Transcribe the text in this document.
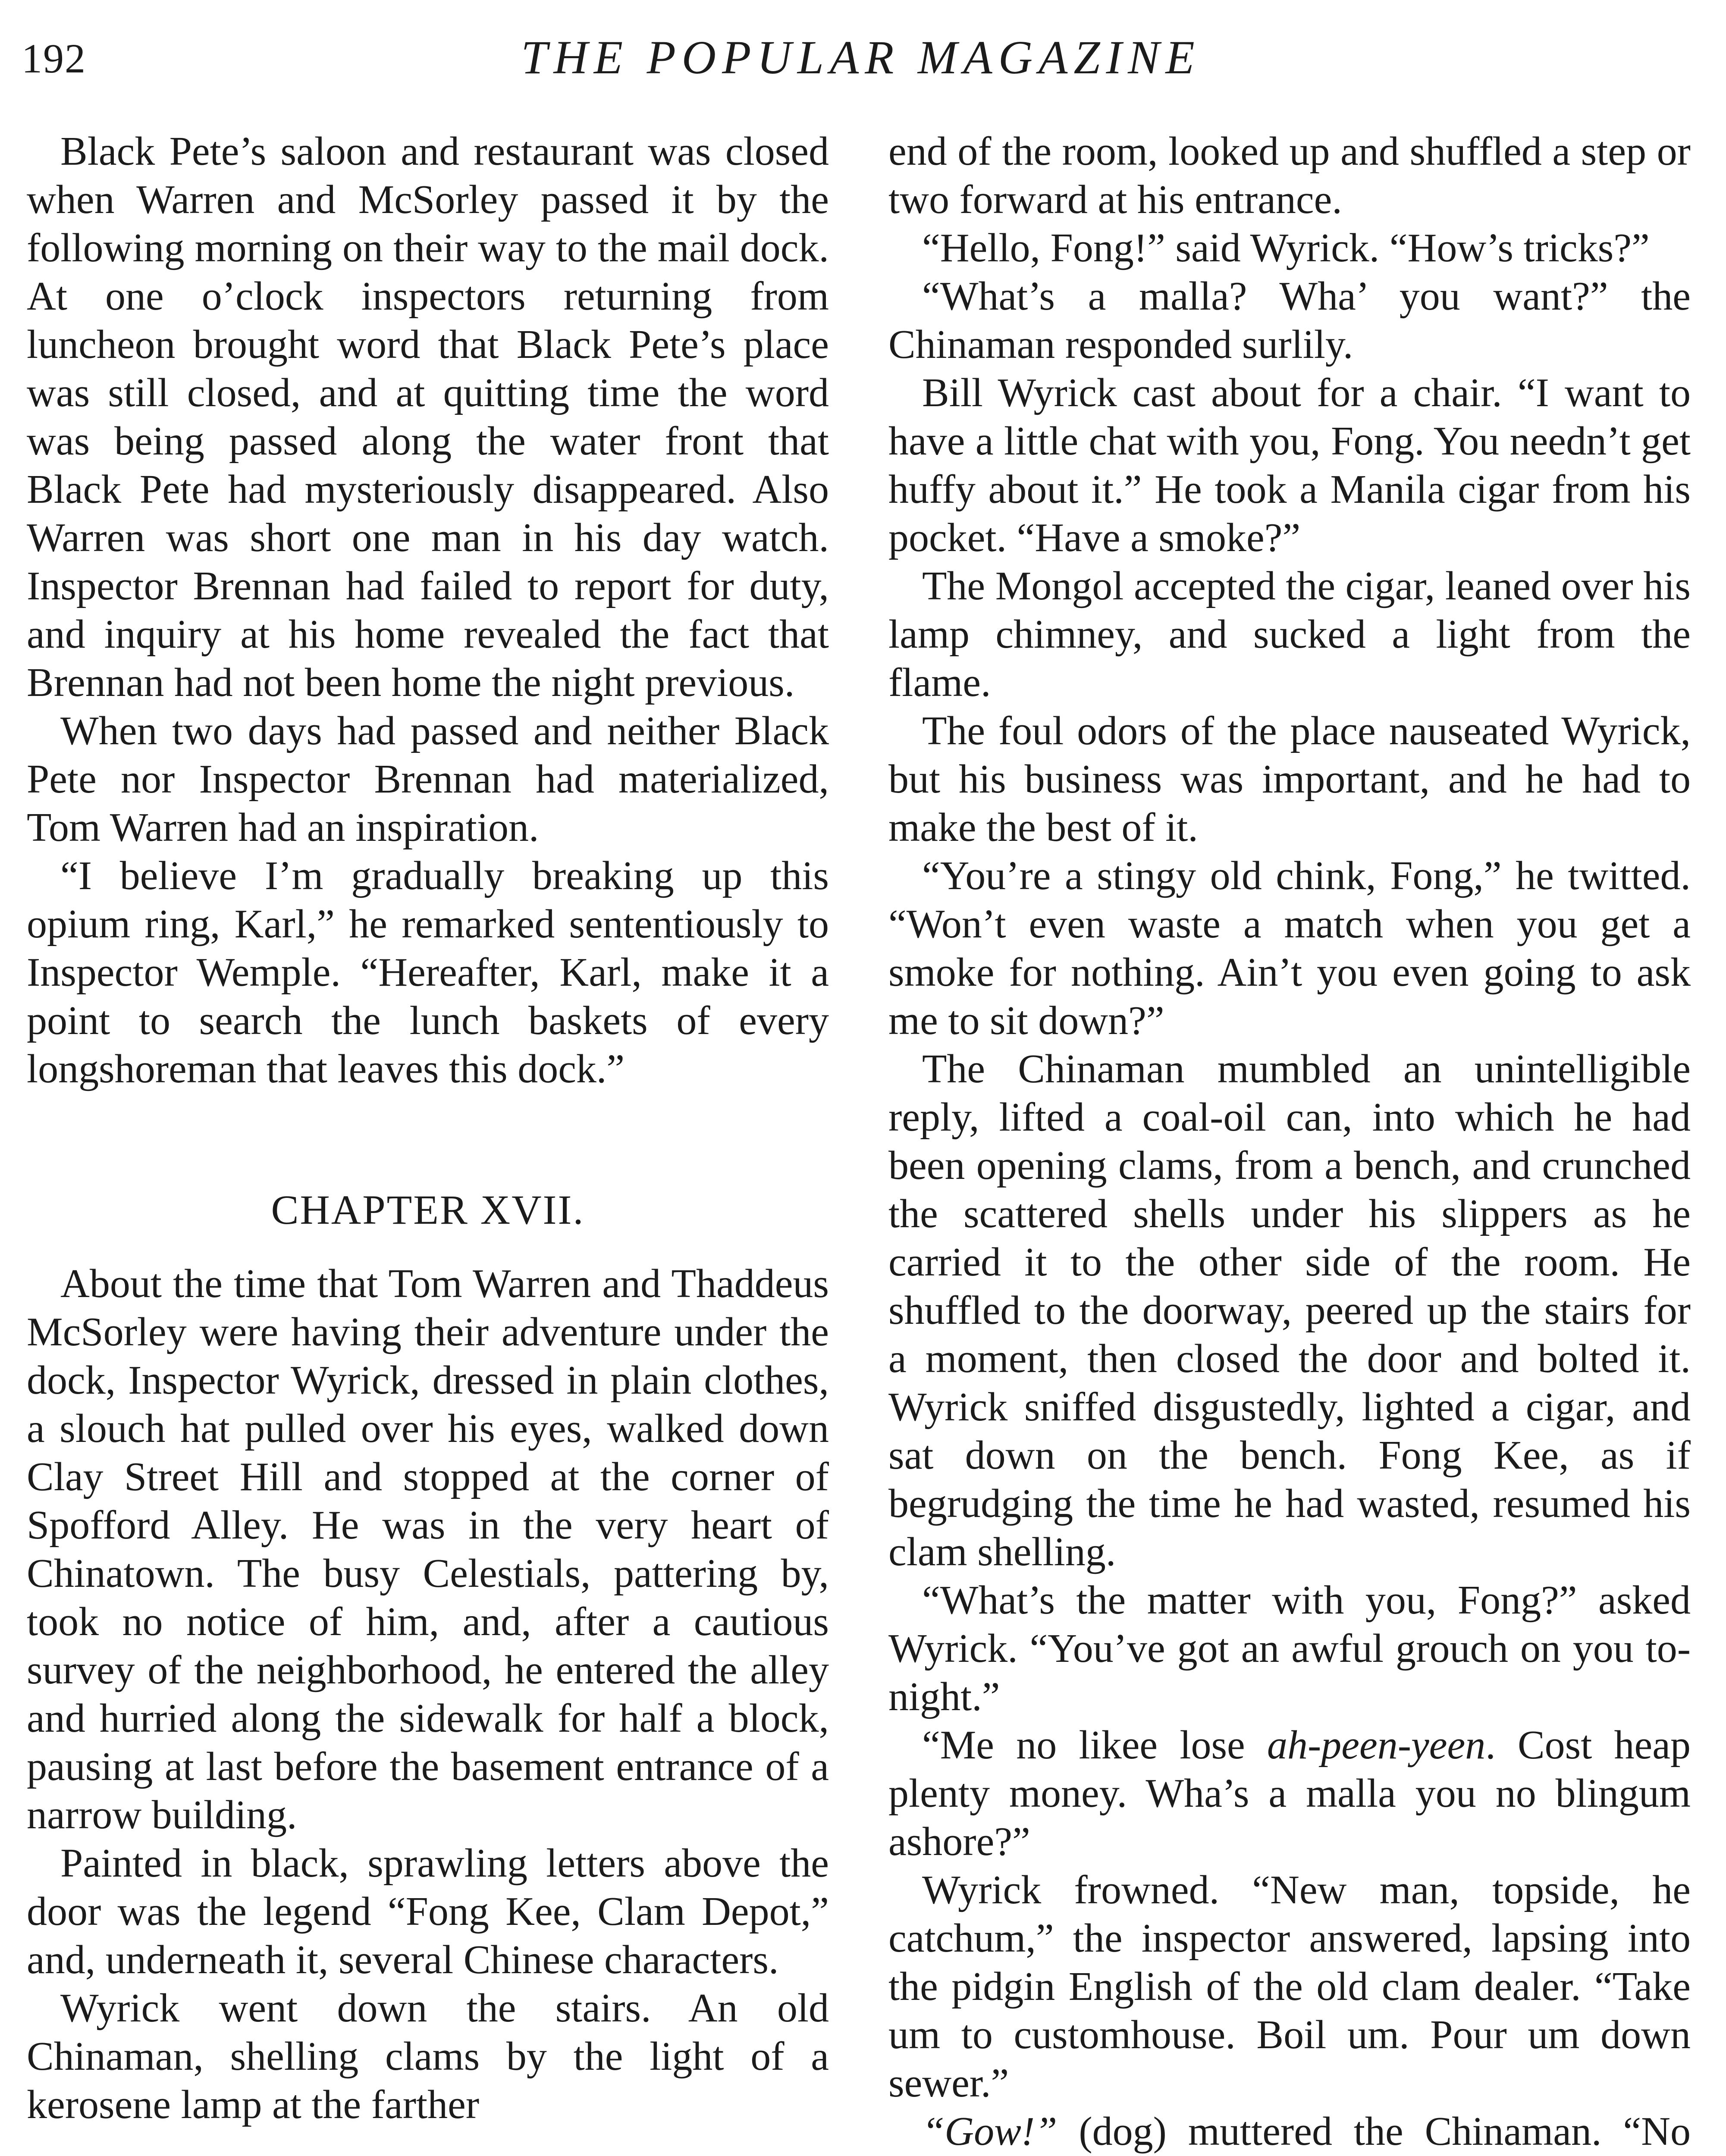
192	THE POPULAR MAGAZINE

Black Pete’s saloon and restaurant was closed when Warren and McSorley passed it by the following morning on their way to the mail dock. At one o’clock inspectors returning from luncheon brought word that Black Pete’s place was still closed, and at quitting time the word was being passed along the water front that Black Pete had mysteriously disappeared. Also Warren was short one man in his day watch. Inspector Brennan had failed to report for duty, and inquiry at his home revealed the fact that Brennan had not been home the night previous.

When two days had passed and neither Black Pete nor Inspector Brennan had materialized, Tom Warren had an inspiration.

“I believe I’m gradually breaking up this opium ring, Karl,” he remarked sententiously to Inspector Wemple. “Hereafter, Karl, make it a point to search the lunch baskets of every longshoreman that leaves this dock.”

CHAPTER XVII.

About the time that Tom Warren and Thaddeus McSorley were having their adventure under the dock, Inspector Wyrick, dressed in plain clothes, a slouch hat pulled over his eyes, walked down Clay Street Hill and stopped at the corner of Spofford Alley. He was in the very heart of Chinatown. The busy Celestials, pattering by, took no notice of him, and, after a cautious survey of the neighborhood, he entered the alley and hurried along the sidewalk for half a block, pausing at last before the basement entrance of a narrow building.

Painted in black, sprawling letters above the door was the legend “Fong Kee, Clam Depot,” and, underneath it, several Chinese characters.

Wyrick went down the stairs. An old Chinaman, shelling clams by the light of a kerosene lamp at the farther

end of the room, looked up and shuffled a step or two forward at his entrance.

“Hello, Fong!” said Wyrick. “How’s tricks?”

“What’s a malla? Wha’ you want?” the Chinaman responded surlily.

Bill Wyrick cast about for a chair. “I want to have a little chat with you, Fong. You needn’t get huffy about it.” He took a Manila cigar from his pocket. “Have a smoke?”

The Mongol accepted the cigar, leaned over his lamp chimney, and sucked a light from the flame.

The foul odors of the place nauseated Wyrick, but his business was important, and he had to make the best of it.

“You’re a stingy old chink, Fong,” he twitted. “Won’t even waste a match when you get a smoke for nothing. Ain’t you even going to ask me to sit down?”

The Chinaman mumbled an unintelligible reply, lifted a coal-oil can, into which he had been opening clams, from a bench, and crunched the scattered shells under his slippers as he carried it to the other side of the room. He shuffled to the doorway, peered up the stairs for a moment, then closed the door and bolted it. Wyrick sniffed disgustedly, lighted a cigar, and sat down on the bench. Fong Kee, as if begrudging the time he had wasted, resumed his clam shelling.

“What’s the matter with you, Fong?” asked Wyrick. “You’ve got an awful grouch on you to-night.”

“Me no likee lose ah-peen-yeen. Cost heap plenty money. Wha’s a malla you no blingum ashore?”

Wyrick frowned. “New man, topside, he catchum,” the inspector answered, lapsing into the pidgin English of the old clam dealer. “Take um to customhouse. Boil um. Pour um down sewer.”

“Gow!” (dog) muttered the Chinaman. “No
